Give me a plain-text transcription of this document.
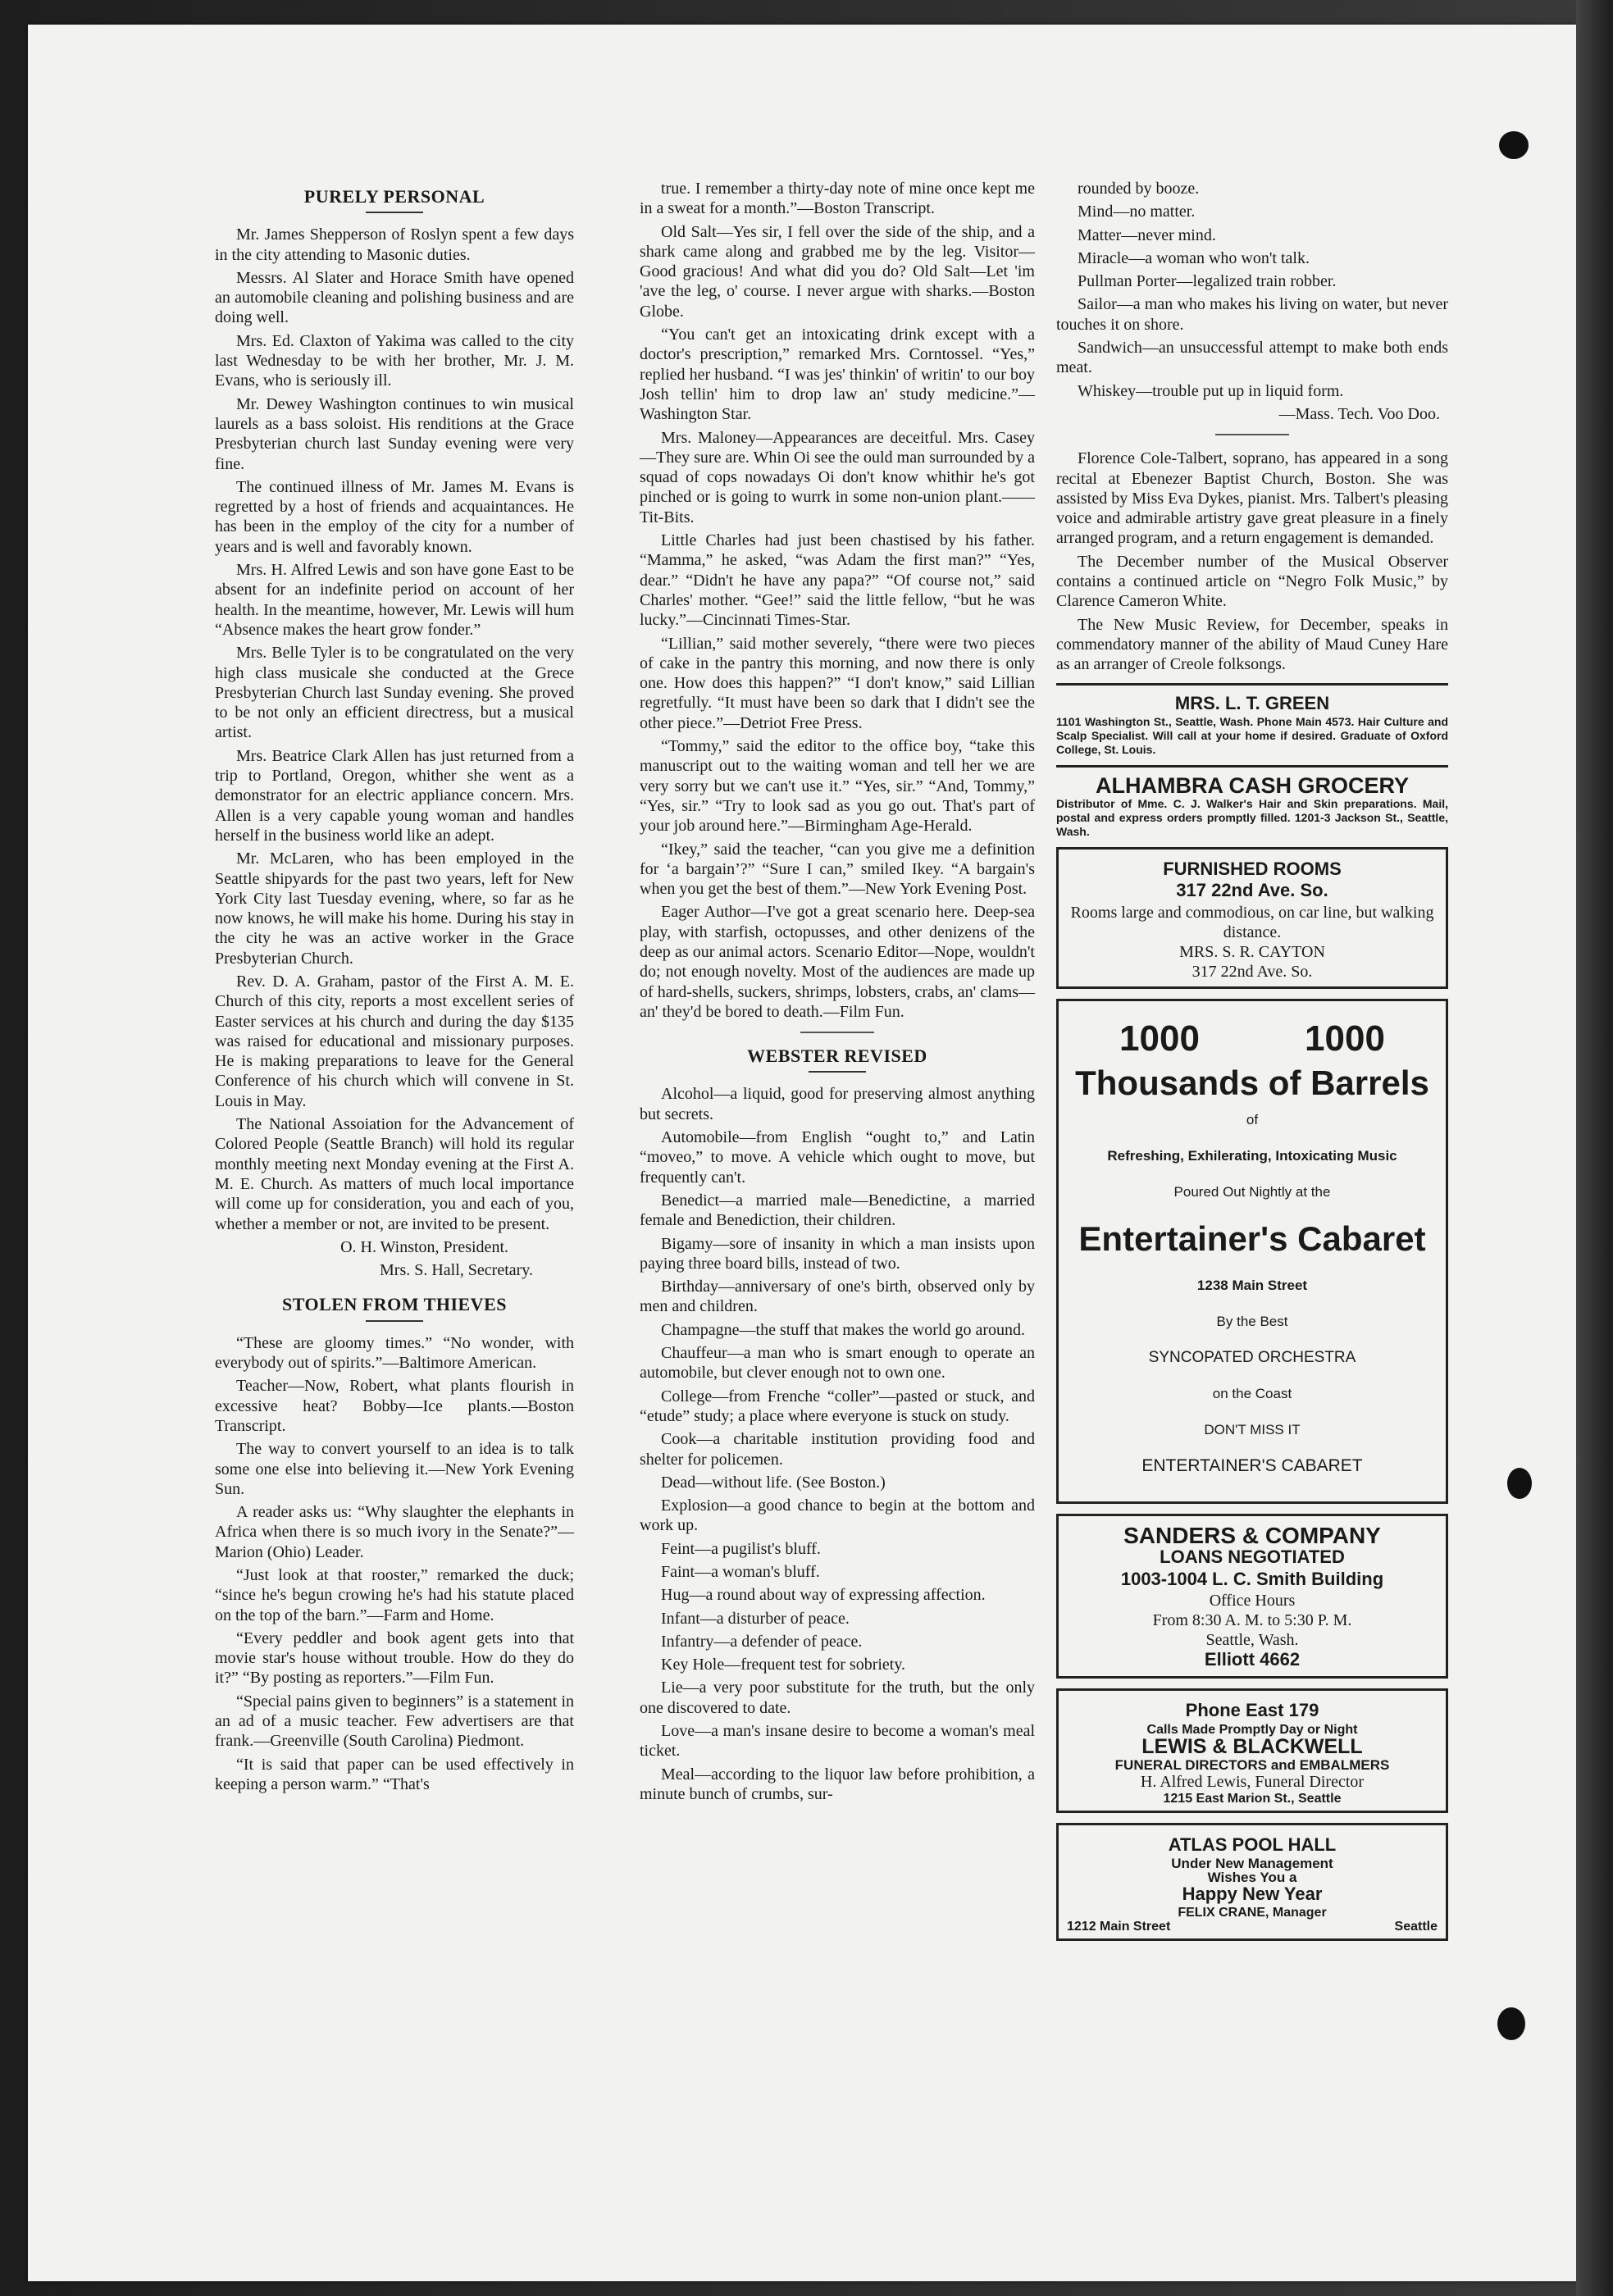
PURELY PERSONAL

Mr. James Shepperson of Roslyn spent a few days in the city attending to Masonic duties.

Messrs. Al Slater and Horace Smith have opened an automobile cleaning and polishing business and are doing well.

Mrs. Ed. Claxton of Yakima was called to the city last Wednesday to be with her brother, Mr. J. M. Evans, who is seriously ill.

Mr. Dewey Washington continues to win musical laurels as a bass soloist. His renditions at the Grace Presbyterian church last Sunday evening were very fine.

The continued illness of Mr. James M. Evans is regretted by a host of friends and acquaintances. He has been in the employ of the city for a number of years and is well and favorably known.

Mrs. H. Alfred Lewis and son have gone East to be absent for an indefinite period on account of her health. In the meantime, however, Mr. Lewis will hum “Absence makes the heart grow fonder.”

Mrs. Belle Tyler is to be congratulated on the very high class musicale she conducted at the Grece Presbyterian Church last Sunday evening. She proved to be not only an efficient directress, but a musical artist.

Mrs. Beatrice Clark Allen has just returned from a trip to Portland, Oregon, whither she went as a demonstrator for an electric appliance concern. Mrs. Allen is a very capable young woman and handles herself in the business world like an adept.

Mr. McLaren, who has been employed in the Seattle shipyards for the past two years, left for New York City last Tuesday evening, where, so far as he now knows, he will make his home. During his stay in the city he was an active worker in the Grace Presbyterian Church.

Rev. D. A. Graham, pastor of the First A. M. E. Church of this city, reports a most excellent series of Easter services at his church and during the day $135 was raised for educational and missionary purposes. He is making preparations to leave for the General Conference of his church which will convene in St. Louis in May.

The National Assoiation for the Advancement of Colored People (Seattle Branch) will hold its regular monthly meeting next Monday evening at the First A. M. E. Church. As matters of much local importance will come up for consideration, you and each of you, whether a member or not, are invited to be present.

O. H. Winston, President.

Mrs. S. Hall, Secretary.

STOLEN FROM THIEVES

“These are gloomy times.” “No wonder, with everybody out of spirits.”—Baltimore American.

Teacher—Now, Robert, what plants flourish in excessive heat? Bobby—Ice plants.—Boston Transcript.

The way to convert yourself to an idea is to talk some one else into believing it.—New York Evening Sun.

A reader asks us: “Why slaughter the elephants in Africa when there is so much ivory in the Senate?”—Marion (Ohio) Leader.

“Just look at that rooster,” remarked the duck; “since he's begun crowing he's had his statute placed on the top of the barn.”—Farm and Home.

“Every peddler and book agent gets into that movie star's house without trouble. How do they do it?” “By posting as reporters.”—Film Fun.

“Special pains given to beginners” is a statement in an ad of a music teacher. Few advertisers are that frank.—Greenville (South Carolina) Piedmont.

“It is said that paper can be used effectively in keeping a person warm.” “That's

true. I remember a thirty-day note of mine once kept me in a sweat for a month.”—Boston Transcript.

Old Salt—Yes sir, I fell over the side of the ship, and a shark came along and grabbed me by the leg. Visitor—Good gracious! And what did you do? Old Salt—Let 'im 'ave the leg, o' course. I never argue with sharks.—Boston Globe.

“You can't get an intoxicating drink except with a doctor's prescription,” remarked Mrs. Corntossel. “Yes,” replied her husband. “I was jes' thinkin' of writin' to our boy Josh tellin' him to drop law an' study medicine.”—Washington Star.

Mrs. Maloney—Appearances are deceitful. Mrs. Casey—They sure are. Whin Oi see the ould man surrounded by a squad of cops nowadays Oi don't know whithir he's got pinched or is going to wurrk in some non-union plant.——Tit-Bits.

Little Charles had just been chastised by his father. “Mamma,” he asked, “was Adam the first man?” “Yes, dear.” “Didn't he have any papa?” “Of course not,” said Charles' mother. “Gee!” said the little fellow, “but he was lucky.”—Cincinnati Times-Star.

“Lillian,” said mother severely, “there were two pieces of cake in the pantry this morning, and now there is only one. How does this happen?” “I don't know,” said Lillian regretfully. “It must have been so dark that I didn't see the other piece.”—Detriot Free Press.

“Tommy,” said the editor to the office boy, “take this manuscript out to the waiting woman and tell her we are very sorry but we can't use it.” “Yes, sir.” “And, Tommy,” “Yes, sir.” “Try to look sad as you go out. That's part of your job around here.”—Birmingham Age-Herald.

“Ikey,” said the teacher, “can you give me a definition for ‘a bargain’?” “Sure I can,” smiled Ikey. “A bargain's when you get the best of them.”—New York Evening Post.

Eager Author—I've got a great scenario here. Deep-sea play, with starfish, octopusses, and other denizens of the deep as our animal actors. Scenario Editor—Nope, wouldn't do; not enough novelty. Most of the audiences are made up of hard-shells, suckers, shrimps, lobsters, crabs, an' clams—an' they'd be bored to death.—Film Fun.

WEBSTER REVISED

Alcohol—a liquid, good for preserving almost anything but secrets.

Automobile—from English “ought to,” and Latin “moveo,” to move. A vehicle which ought to move, but frequently can't.

Benedict—a married male—Benedictine, a married female and Benediction, their children.

Bigamy—sore of insanity in which a man insists upon paying three board bills, instead of two.

Birthday—anniversary of one's birth, observed only by men and children.

Champagne—the stuff that makes the world go around.

Chauffeur—a man who is smart enough to operate an automobile, but clever enough not to own one.

College—from Frenche “coller”—pasted or stuck, and “etude” study; a place where everyone is stuck on study.

Cook—a charitable institution providing food and shelter for policemen.

Dead—without life. (See Boston.)

Explosion—a good chance to begin at the bottom and work up.

Feint—a pugilist's bluff.

Faint—a woman's bluff.

Hug—a round about way of expressing affection.

Infant—a disturber of peace.

Infantry—a defender of peace.

Key Hole—frequent test for sobriety.

Lie—a very poor substitute for the truth, but the only one discovered to date.

Love—a man's insane desire to become a woman's meal ticket.

Meal—according to the liquor law before prohibition, a minute bunch of crumbs, sur-

rounded by booze.

Mind—no matter.

Matter—never mind.

Miracle—a woman who won't talk.

Pullman Porter—legalized train robber.

Sailor—a man who makes his living on water, but never touches it on shore.

Sandwich—an unsuccessful attempt to make both ends meat.

Whiskey—trouble put up in liquid form.

—Mass. Tech. Voo Doo.

Florence Cole-Talbert, soprano, has appeared in a song recital at Ebenezer Baptist Church, Boston. She was assisted by Miss Eva Dykes, pianist. Mrs. Talbert's pleasing voice and admirable artistry gave great pleasure in a finely arranged program, and a return engagement is demanded.

The December number of the Musical Observer contains a continued article on “Negro Folk Music,” by Clarence Cameron White.

The New Music Review, for December, speaks in commendatory manner of the ability of Maud Cuney Hare as an arranger of Creole folksongs.

MRS. L. T. GREEN
1101 Washington St., Seattle, Wash. Phone Main 4573. Hair Culture and Scalp Specialist. Will call at your home if desired. Graduate of Oxford College, St. Louis.
ALHAMBRA CASH GROCERY
Distributor of Mme. C. J. Walker's Hair and Skin preparations. Mail, postal and express orders promptly filled. 1201-3 Jackson St., Seattle, Wash.
FURNISHED ROOMS
317 22nd Ave. So.
Rooms large and commodious, on car line, but walking distance.
MRS. S. R. CAYTON
317 22nd Ave. So.
1000	1000
Thousands of Barrels
of
Refreshing, Exhilerating, Intoxicating Music
Poured Out Nightly at the
Entertainer's Cabaret
1238 Main Street
By the Best
SYNCOPATED ORCHESTRA
on the Coast
DON'T MISS IT
ENTERTAINER'S CABARET
SANDERS & COMPANY
LOANS NEGOTIATED
1003-1004 L. C. Smith Building
Office Hours
From 8:30 A. M. to 5:30 P. M.
Seattle, Wash.
Elliott 4662
Phone East 179
Calls Made Promptly Day or Night
LEWIS & BLACKWELL
FUNERAL DIRECTORS and EMBALMERS
H. Alfred Lewis, Funeral Director
1215 East Marion St., Seattle
ATLAS POOL HALL
Under New Management
Wishes You a
Happy New Year
FELIX CRANE, Manager
1212 Main Street	Seattle
